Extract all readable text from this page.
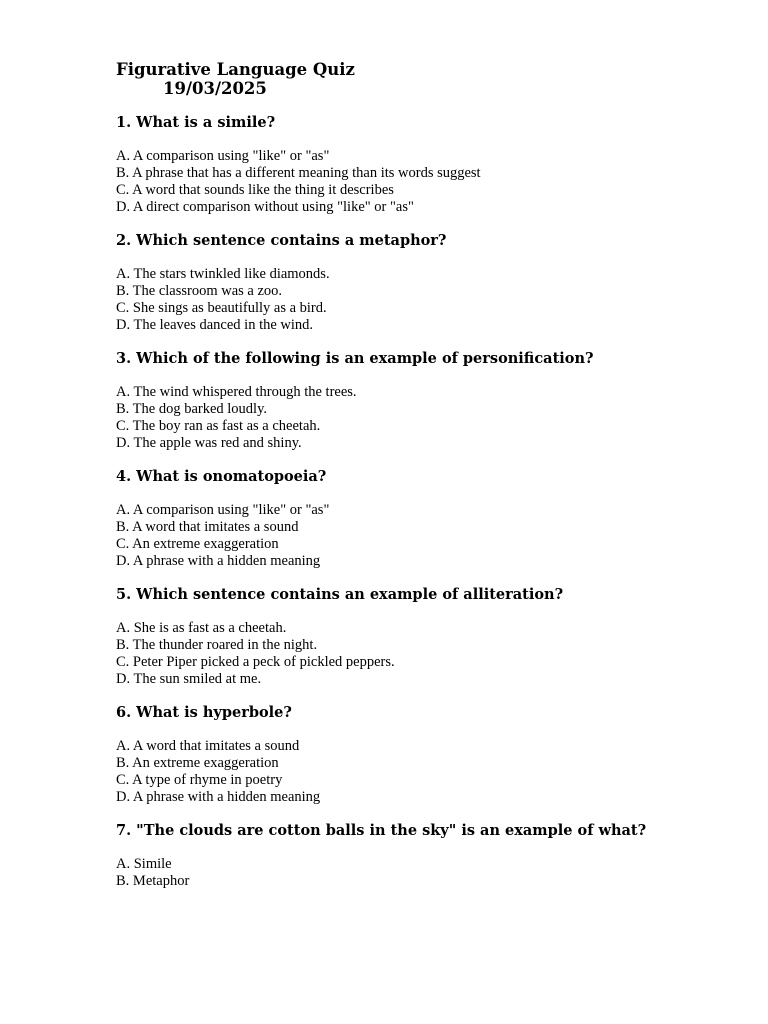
Figurative Language Quiz
19/03/2025
1. What is a simile?
A. A comparison using "like" or "as"
B. A phrase that has a different meaning than its words suggest
C. A word that sounds like the thing it describes
D. A direct comparison without using "like" or "as"
2. Which sentence contains a metaphor?
A. The stars twinkled like diamonds.
B. The classroom was a zoo.
C. She sings as beautifully as a bird.
D. The leaves danced in the wind.
3. Which of the following is an example of personification?
A. The wind whispered through the trees.
B. The dog barked loudly.
C. The boy ran as fast as a cheetah.
D. The apple was red and shiny.
4. What is onomatopoeia?
A. A comparison using "like" or "as"
B. A word that imitates a sound
C. An extreme exaggeration
D. A phrase with a hidden meaning
5. Which sentence contains an example of alliteration?
A. She is as fast as a cheetah.
B. The thunder roared in the night.
C. Peter Piper picked a peck of pickled peppers.
D. The sun smiled at me.
6. What is hyperbole?
A. A word that imitates a sound
B. An extreme exaggeration
C. A type of rhyme in poetry
D. A phrase with a hidden meaning
7. "The clouds are cotton balls in the sky" is an example of what?
A. Simile
B. Metaphor
